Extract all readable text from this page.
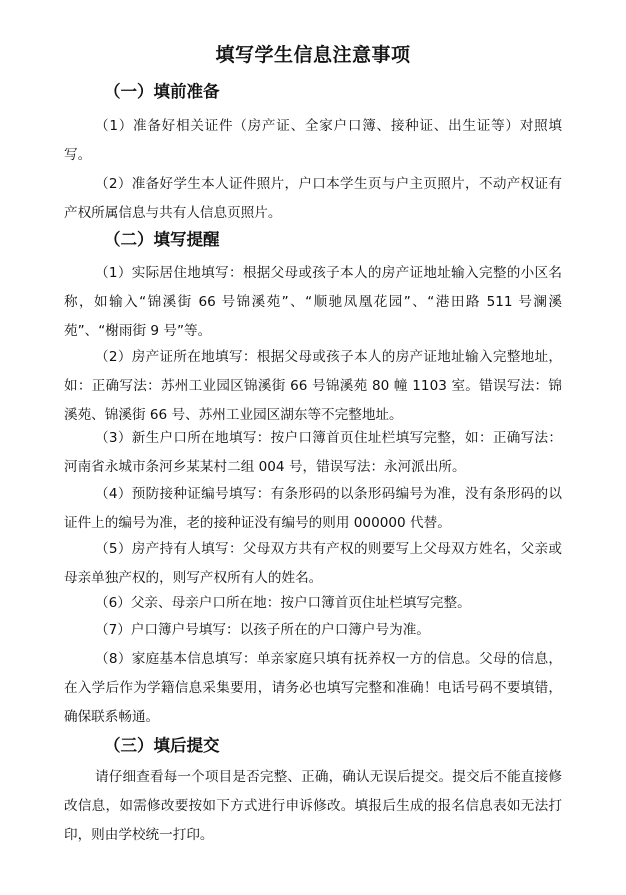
填写学生信息注意事项
（一）填前准备

（1）准备好相关证件（房产证、全家户口簿、接种证、出生证等）对照填写。

（2）准备好学生本人证件照片，户口本学生页与户主页照片，不动产权证有产权所属信息与共有人信息页照片。

（二）填写提醒

（1）实际居住地填写：根据父母或孩子本人的房产证地址输入完整的小区名称，如输入“锦溪街 66 号锦溪苑”、“顺驰凤凰花园”、“港田路 511 号澜溪苑”、“榭雨街 9 号”等。

（2）房产证所在地填写：根据父母或孩子本人的房产证地址输入完整地址，如：正确写法：苏州工业园区锦溪街 66 号锦溪苑 80 幢 1103 室。错误写法：锦溪苑、锦溪街 66 号、苏州工业园区湖东等不完整地址。

（3）新生户口所在地填写：按户口簿首页住址栏填写完整，如：正确写法：河南省永城市条河乡某某村二组 004 号，错误写法：永河派出所。

（4）预防接种证编号填写：有条形码的以条形码编号为准，没有条形码的以证件上的编号为准，老的接种证没有编号的则用 000000 代替。

（5）房产持有人填写：父母双方共有产权的则要写上父母双方姓名，父亲或母亲单独产权的，则写产权所有人的姓名。

（6）父亲、母亲户口所在地：按户口簿首页住址栏填写完整。

（7）户口簿户号填写：以孩子所在的户口簿户号为准。

（8）家庭基本信息填写：单亲家庭只填有抚养权一方的信息。父母的信息，在入学后作为学籍信息采集要用，请务必也填写完整和准确！电话号码不要填错，确保联系畅通。

（三）填后提交

请仔细查看每一个项目是否完整、正确，确认无误后提交。提交后不能直接修改信息，如需修改要按如下方式进行申诉修改。填报后生成的报名信息表如无法打印，则由学校统一打印。
